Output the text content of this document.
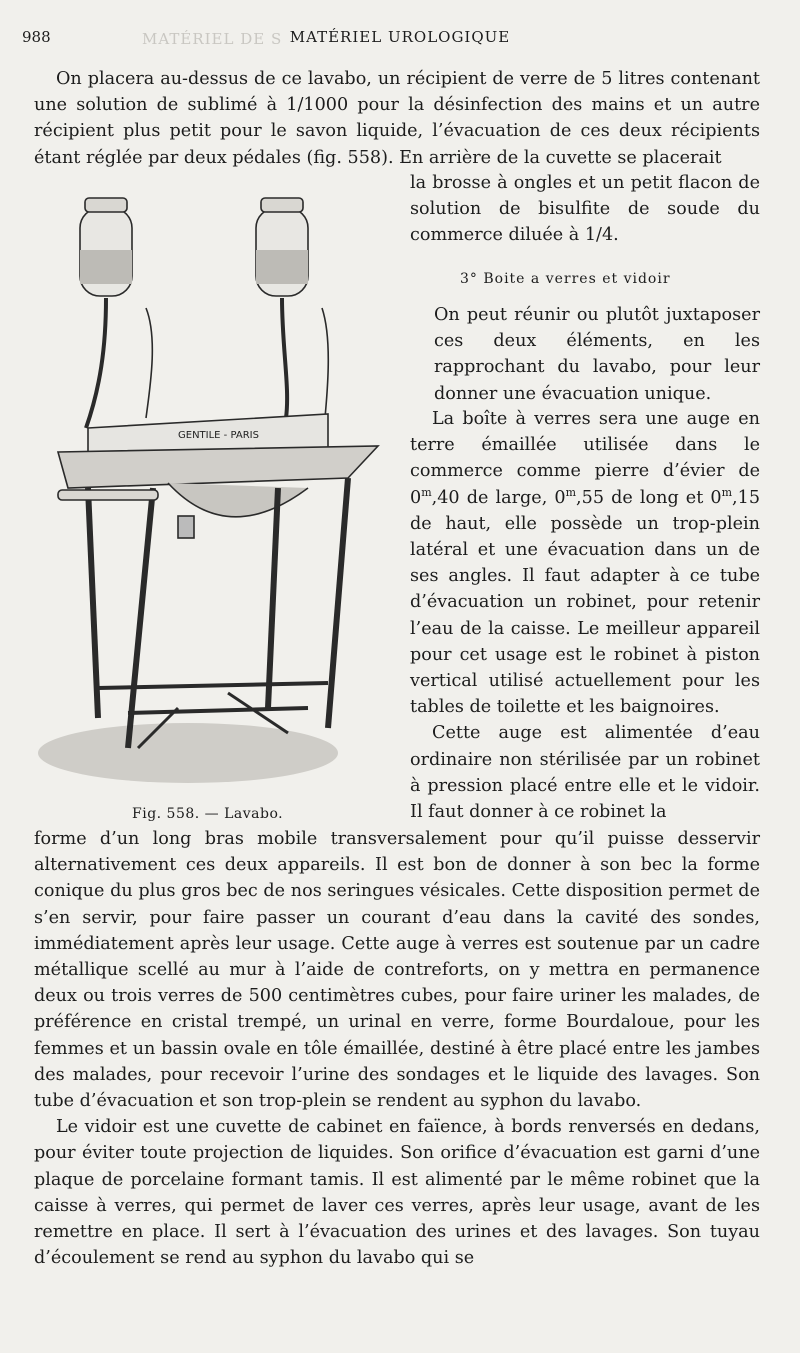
MATÉRIEL DE S
988	MATÉRIEL UROLOGIQUE

On placera au-dessus de ce lavabo, un récipient de verre de 5 litres contenant une solution de sublimé à 1/1000 pour la désinfection des mains et un autre récipient plus petit pour le savon liquide, l’évacuation de ces deux récipients étant réglée par deux pédales (fig. 558). En arrière de la cuvette se placerait

la brosse à ongles et un petit flacon de solution de bisulfite de soude du commerce diluée à 1/4.
3° Boite a verres et vidoir

On peut réunir ou plutôt juxtaposer ces deux éléments, en les rapprochant du lavabo, pour leur donner une évacuation unique.

La boîte à verres sera une auge en terre émaillée utilisée dans le commerce comme pierre d’évier de 0$^m$,40 de large, 0$^m$,55 de long et 0$^m$,15 de haut, elle possède un trop-plein latéral et une évacuation dans un de ses angles. Il faut adapter à ce tube d’évacuation un robinet, pour retenir l’eau de la caisse. Le meilleur appareil pour cet usage est le robinet à piston vertical utilisé actuellement pour les tables de toilette et les baignoires.

Cette auge est alimentée d’eau ordinaire non stérilisée par un robinet à pression placé entre elle et le vidoir. Il faut donner à ce robinet la

GENTILE - PARIS
Fig. 558. — Lavabo.

forme d’un long bras mobile transversalement pour qu’il puisse desservir alternativement ces deux appareils. Il est bon de donner à son bec la forme conique du plus gros bec de nos seringues vésicales. Cette disposition permet de s’en servir, pour faire passer un courant d’eau dans la cavité des sondes, immédiatement après leur usage. Cette auge à verres est soutenue par un cadre métallique scellé au mur à l’aide de contreforts, on y mettra en permanence deux ou trois verres de 500 centimètres cubes, pour faire uriner les malades, de préférence en cristal trempé, un urinal en verre, forme Bourdaloue, pour les femmes et un bassin ovale en tôle émaillée, destiné à être placé entre les jambes des malades, pour recevoir l’urine des sondages et le liquide des lavages. Son tube d’évacuation et son trop-plein se rendent au syphon du lavabo.

Le vidoir est une cuvette de cabinet en faïence, à bords renversés en dedans, pour éviter toute projection de liquides. Son orifice d’évacuation est garni d’une plaque de porcelaine formant tamis. Il est alimenté par le même robinet que la caisse à verres, qui permet de laver ces verres, après leur usage, avant de les remettre en place. Il sert à l’évacuation des urines et des lavages. Son tuyau d’écoulement se rend au syphon du lavabo qui se
